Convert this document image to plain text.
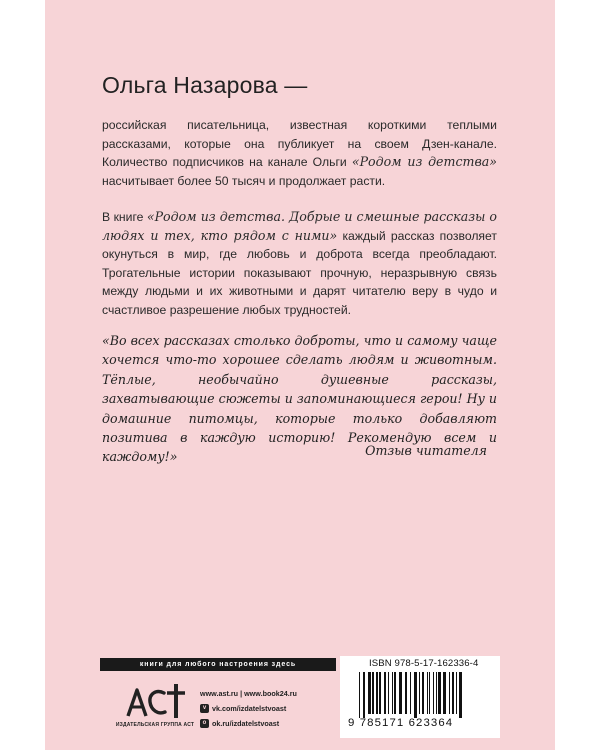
Ольга Назарова —
российская писательница, известная короткими теплыми рассказами, которые она публикует на своем Дзен-канале. Количество подписчиков на канале Ольги «Родом из детства» насчитывает более 50 тысяч и продолжает расти.
В книге «Родом из детства. Добрые и смешные рассказы о людях и тех, кто рядом с ними» каждый рассказ позволяет окунуться в мир, где любовь и доброта всегда преобладают. Трогательные истории показывают прочную, неразрывную связь между людьми и их животными и дарят читателю веру в чудо и счастливое разрешение любых трудностей.
«Во всех рассказах столько доброты, что и самому чаще хочется что-то хорошее сделать людям и животным. Тёплые, необычайно душевные рассказы, захватывающие сюжеты и запоминающиеся герои! Ну и домашние питомцы, которые только добавляют позитива в каждую историю! Рекомендую всем и каждому!»	Отзыв читателя
книги для любого настроения здесь
ИЗДАТЕЛЬСКАЯ ГРУППА АСТ
www.ast.ru | www.book24.ru
v vk.com/izdatelstvoast
o ok.ru/izdatelstvoast
ISBN 978-5-17-162336-4
9 785171 623364
